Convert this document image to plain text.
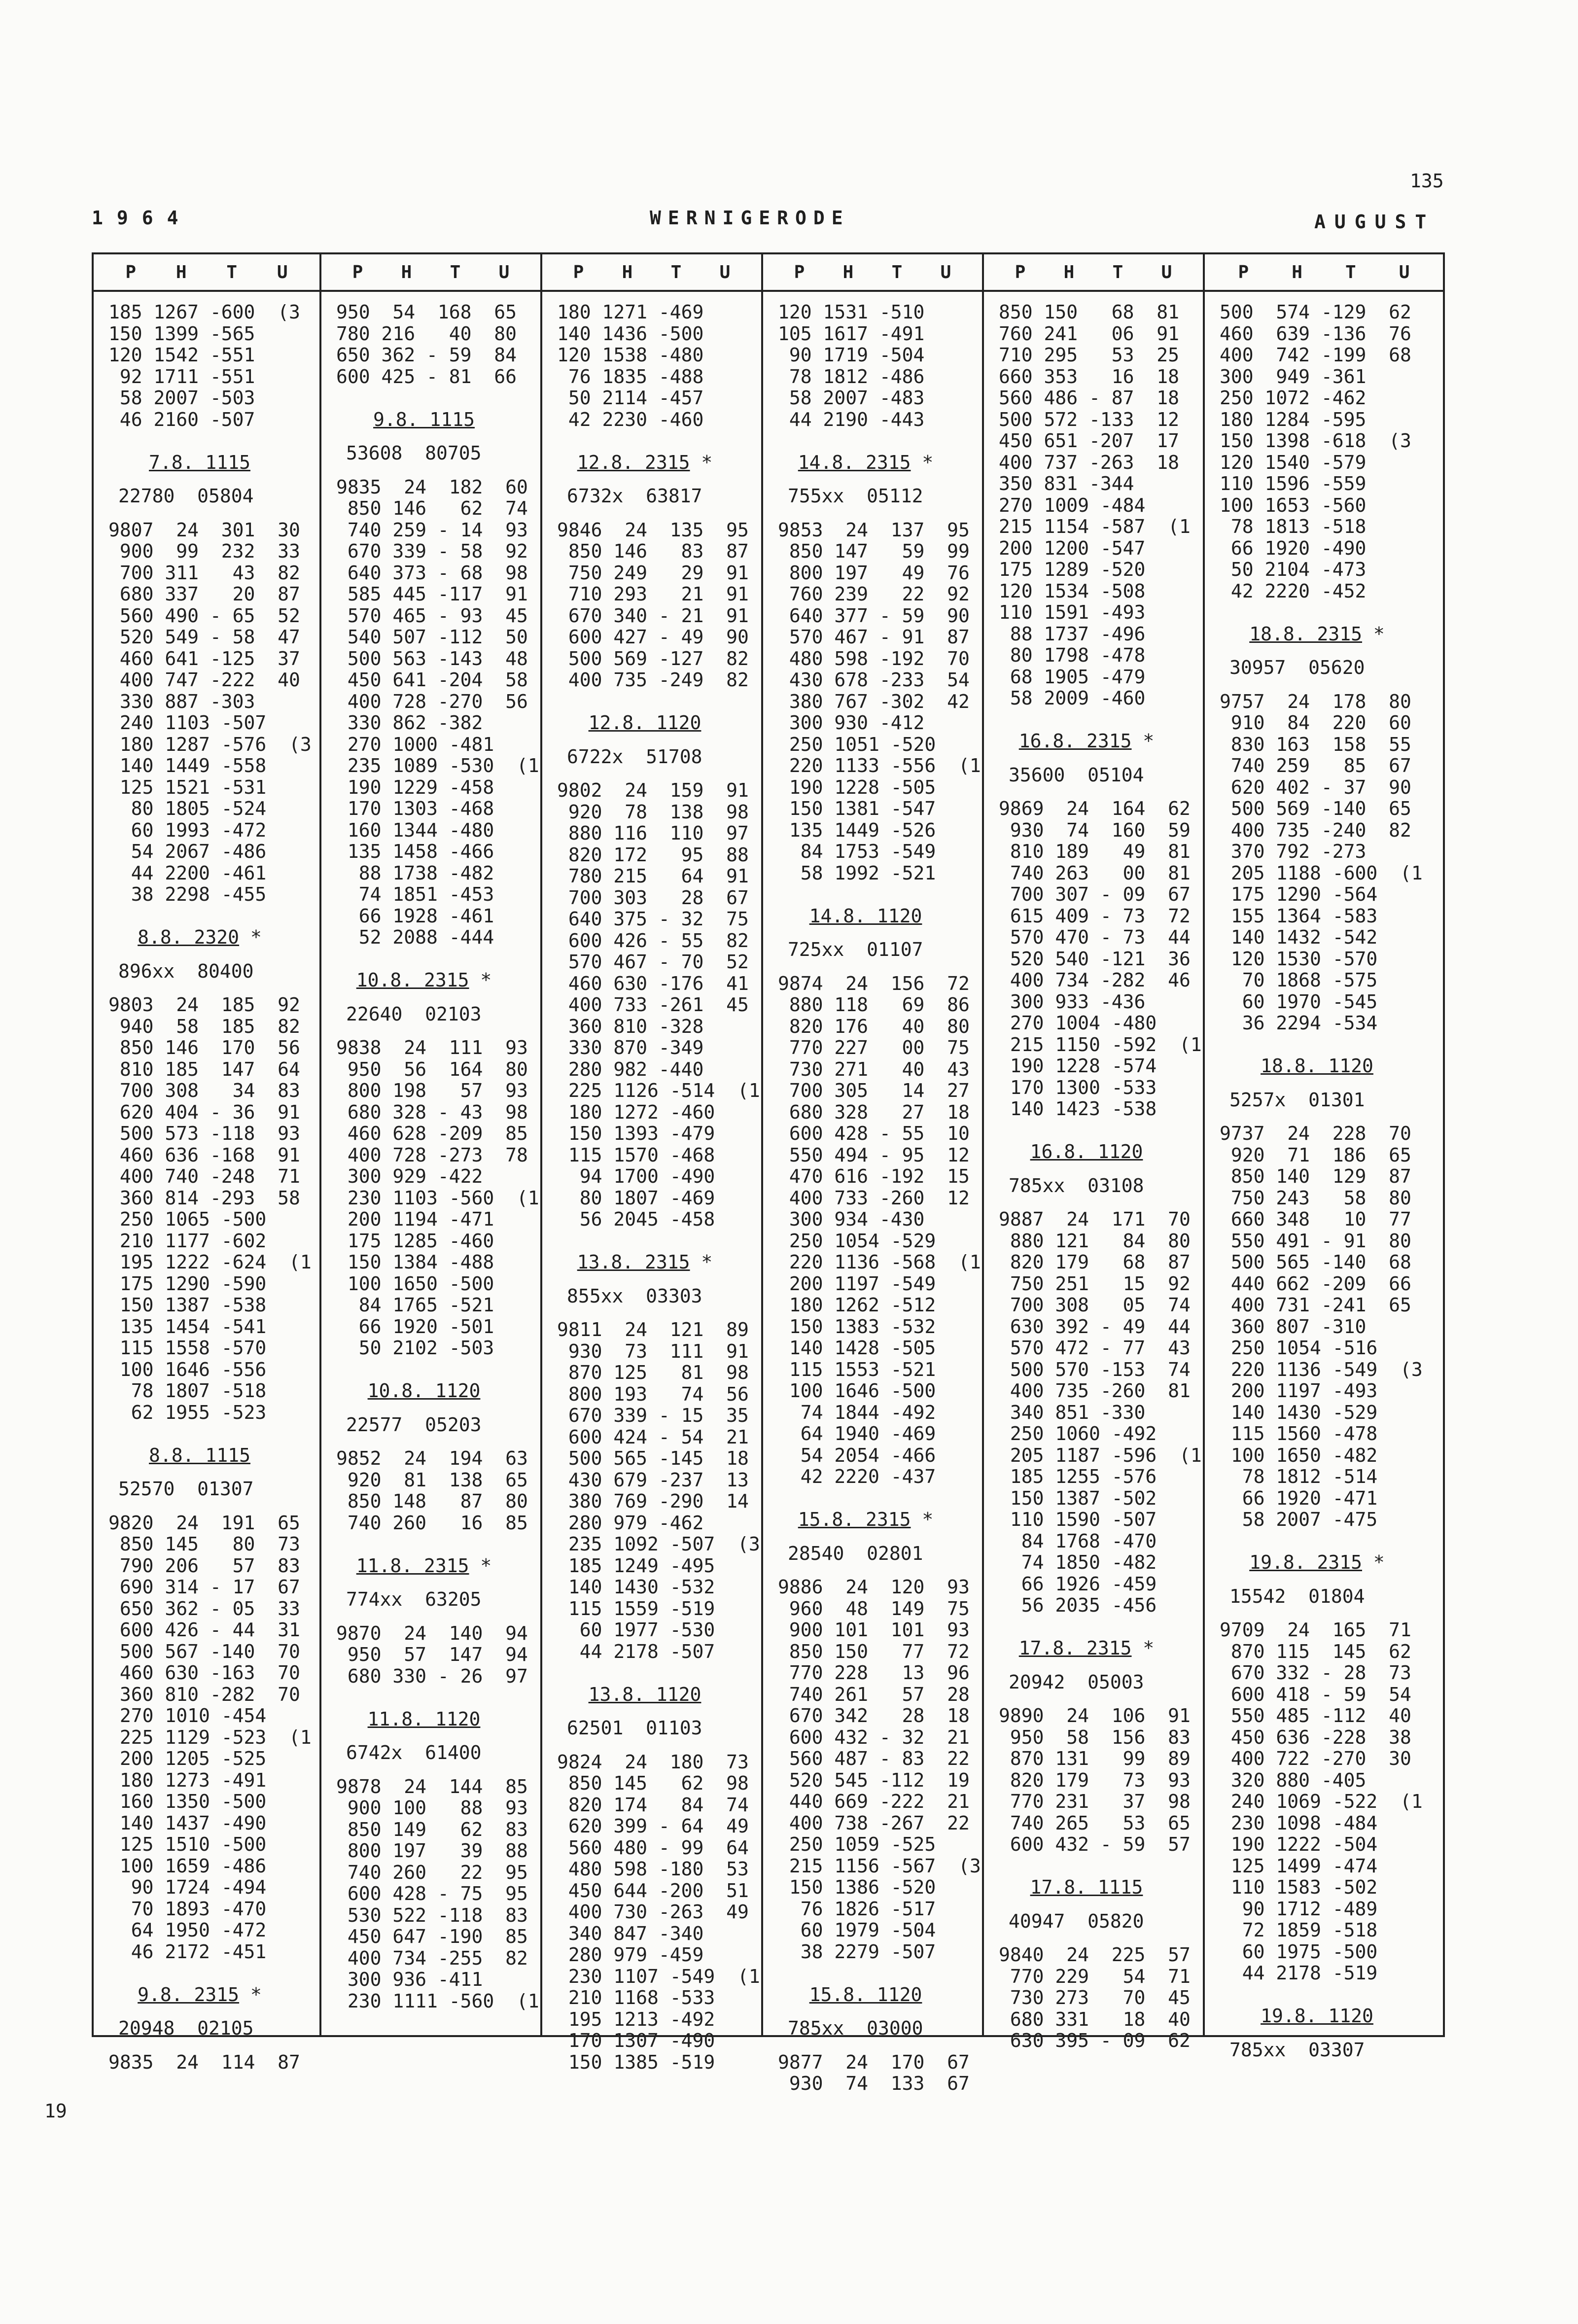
135
1964	WERNIGERODE	AUGUST
P H T U
185 1267 -600  (3
150 1399 -565
120 1542 -551
92 1711 -551
58 2007 -503
46 2160 -507
7.8. 1115
22780  05804
9807  24  301  30
900  99  232  33
700 311   43  82
680 337   20  87
560 490 - 65  52
520 549 - 58  47
460 641 -125  37
400 747 -222  40
330 887 -303
240 1103 -507
180 1287 -576  (3
140 1449 -558
125 1521 -531
80 1805 -524
60 1993 -472
54 2067 -486
44 2200 -461
38 2298 -455
8.8. 2320 *
896xx  80400
9803  24  185  92
940  58  185  82
850 146  170  56
810 185  147  64
700 308   34  83
620 404 - 36  91
500 573 -118  93
460 636 -168  91
400 740 -248  71
360 814 -293  58
250 1065 -500
210 1177 -602
195 1222 -624  (1
175 1290 -590
150 1387 -538
135 1454 -541
115 1558 -570
100 1646 -556
78 1807 -518
62 1955 -523
8.8. 1115
52570  01307
9820  24  191  65
850 145   80  73
790 206   57  83
690 314 - 17  67
650 362 - 05  33
600 426 - 44  31
500 567 -140  70
460 630 -163  70
360 810 -282  70
270 1010 -454
225 1129 -523  (1
200 1205 -525
180 1273 -491
160 1350 -500
140 1437 -490
125 1510 -500
100 1659 -486
90 1724 -494
70 1893 -470
64 1950 -472
46 2172 -451
9.8. 2315 *
20948  02105
9835  24  114  87
P H T U
950  54  168  65
780 216   40  80
650 362 - 59  84
600 425 - 81  66
9.8. 1115
53608  80705
9835  24  182  60
850 146   62  74
740 259 - 14  93
670 339 - 58  92
640 373 - 68  98
585 445 -117  91
570 465 - 93  45
540 507 -112  50
500 563 -143  48
450 641 -204  58
400 728 -270  56
330 862 -382
270 1000 -481
235 1089 -530  (1
190 1229 -458
170 1303 -468
160 1344 -480
135 1458 -466
88 1738 -482
74 1851 -453
66 1928 -461
52 2088 -444
10.8. 2315 *
22640  02103
9838  24  111  93
950  56  164  80
800 198   57  93
680 328 - 43  98
460 628 -209  85
400 728 -273  78
300 929 -422
230 1103 -560  (1
200 1194 -471
175 1285 -460
150 1384 -488
100 1650 -500
84 1765 -521
66 1920 -501
50 2102 -503
10.8. 1120
22577  05203
9852  24  194  63
920  81  138  65
850 148   87  80
740 260   16  85
11.8. 2315 *
774xx  63205
9870  24  140  94
950  57  147  94
680 330 - 26  97
11.8. 1120
6742x  61400
9878  24  144  85
900 100   88  93
850 149   62  83
800 197   39  88
740 260   22  95
600 428 - 75  95
530 522 -118  83
450 647 -190  85
400 734 -255  82
300 936 -411
230 1111 -560  (1
P H T U
180 1271 -469
140 1436 -500
120 1538 -480
76 1835 -488
50 2114 -457
42 2230 -460
12.8. 2315 *
6732x  63817
9846  24  135  95
850 146   83  87
750 249   29  91
710 293   21  91
670 340 - 21  91
600 427 - 49  90
500 569 -127  82
400 735 -249  82
12.8. 1120
6722x  51708
9802  24  159  91
920  78  138  98
880 116  110  97
820 172   95  88
780 215   64  91
700 303   28  67
640 375 - 32  75
600 426 - 55  82
570 467 - 70  52
460 630 -176  41
400 733 -261  45
360 810 -328
330 870 -349
280 982 -440
225 1126 -514  (1
180 1272 -460
150 1393 -479
115 1570 -468
94 1700 -490
80 1807 -469
56 2045 -458
13.8. 2315 *
855xx  03303
9811  24  121  89
930  73  111  91
870 125   81  98
800 193   74  56
670 339 - 15  35
600 424 - 54  21
500 565 -145  18
430 679 -237  13
380 769 -290  14
280 979 -462
235 1092 -507  (3
185 1249 -495
140 1430 -532
115 1559 -519
60 1977 -530
44 2178 -507
13.8. 1120
62501  01103
9824  24  180  73
850 145   62  98
820 174   84  74
620 399 - 64  49
560 480 - 99  64
480 598 -180  53
450 644 -200  51
400 730 -263  49
340 847 -340
280 979 -459
230 1107 -549  (1
210 1168 -533
195 1213 -492
170 1307 -490
150 1385 -519
P H T U
120 1531 -510
105 1617 -491
90 1719 -504
78 1812 -486
58 2007 -483
44 2190 -443
14.8. 2315 *
755xx  05112
9853  24  137  95
850 147   59  99
800 197   49  76
760 239   22  92
640 377 - 59  90
570 467 - 91  87
480 598 -192  70
430 678 -233  54
380 767 -302  42
300 930 -412
250 1051 -520
220 1133 -556  (1
190 1228 -505
150 1381 -547
135 1449 -526
84 1753 -549
58 1992 -521
14.8. 1120
725xx  01107
9874  24  156  72
880 118   69  86
820 176   40  80
770 227   00  75
730 271   40  43
700 305   14  27
680 328   27  18
600 428 - 55  10
550 494 - 95  12
470 616 -192  15
400 733 -260  12
300 934 -430
250 1054 -529
220 1136 -568  (1
200 1197 -549
180 1262 -512
150 1383 -532
140 1428 -505
115 1553 -521
100 1646 -500
74 1844 -492
64 1940 -469
54 2054 -466
42 2220 -437
15.8. 2315 *
28540  02801
9886  24  120  93
960  48  149  75
900 101  101  93
850 150   77  72
770 228   13  96
740 261   57  28
670 342   28  18
600 432 - 32  21
560 487 - 83  22
520 545 -112  19
440 669 -222  21
400 738 -267  22
250 1059 -525
215 1156 -567  (3
150 1386 -520
76 1826 -517
60 1979 -504
38 2279 -507
15.8. 1120
785xx  03000
9877  24  170  67
930  74  133  67
P H T U
850 150   68  81
760 241   06  91
710 295   53  25
660 353   16  18
560 486 - 87  18
500 572 -133  12
450 651 -207  17
400 737 -263  18
350 831 -344
270 1009 -484
215 1154 -587  (1
200 1200 -547
175 1289 -520
120 1534 -508
110 1591 -493
88 1737 -496
80 1798 -478
68 1905 -479
58 2009 -460
16.8. 2315 *
35600  05104
9869  24  164  62
930  74  160  59
810 189   49  81
740 263   00  81
700 307 - 09  67
615 409 - 73  72
570 470 - 73  44
520 540 -121  36
400 734 -282  46
300 933 -436
270 1004 -480
215 1150 -592  (1
190 1228 -574
170 1300 -533
140 1423 -538
16.8. 1120
785xx  03108
9887  24  171  70
880 121   84  80
820 179   68  87
750 251   15  92
700 308   05  74
630 392 - 49  44
570 472 - 77  43
500 570 -153  74
400 735 -260  81
340 851 -330
250 1060 -492
205 1187 -596  (1
185 1255 -576
150 1387 -502
110 1590 -507
84 1768 -470
74 1850 -482
66 1926 -459
56 2035 -456
17.8. 2315 *
20942  05003
9890  24  106  91
950  58  156  83
870 131   99  89
820 179   73  93
770 231   37  98
740 265   53  65
600 432 - 59  57
17.8. 1115
40947  05820
9840  24  225  57
770 229   54  71
730 273   70  45
680 331   18  40
630 395 - 09  62
P H T U
500  574 -129  62
460  639 -136  76
400  742 -199  68
300  949 -361
250 1072 -462
180 1284 -595
150 1398 -618  (3
120 1540 -579
110 1596 -559
100 1653 -560
78 1813 -518
66 1920 -490
50 2104 -473
42 2220 -452
18.8. 2315 *
30957  05620
9757  24  178  80
910  84  220  60
830 163  158  55
740 259   85  67
620 402 - 37  90
500 569 -140  65
400 735 -240  82
370 792 -273
205 1188 -600  (1
175 1290 -564
155 1364 -583
140 1432 -542
120 1530 -570
70 1868 -575
60 1970 -545
36 2294 -534
18.8. 1120
5257x  01301
9737  24  228  70
920  71  186  65
850 140  129  87
750 243   58  80
660 348   10  77
550 491 - 91  80
500 565 -140  68
440 662 -209  66
400 731 -241  65
360 807 -310
250 1054 -516
220 1136 -549  (3
200 1197 -493
140 1430 -529
115 1560 -478
100 1650 -482
78 1812 -514
66 1920 -471
58 2007 -475
19.8. 2315 *
15542  01804
9709  24  165  71
870 115  145  62
670 332 - 28  73
600 418 - 59  54
550 485 -112  40
450 636 -228  38
400 722 -270  30
320 880 -405
240 1069 -522  (1
230 1098 -484
190 1222 -504
125 1499 -474
110 1583 -502
90 1712 -489
72 1859 -518
60 1975 -500
44 2178 -519
19.8. 1120
785xx  03307
19
